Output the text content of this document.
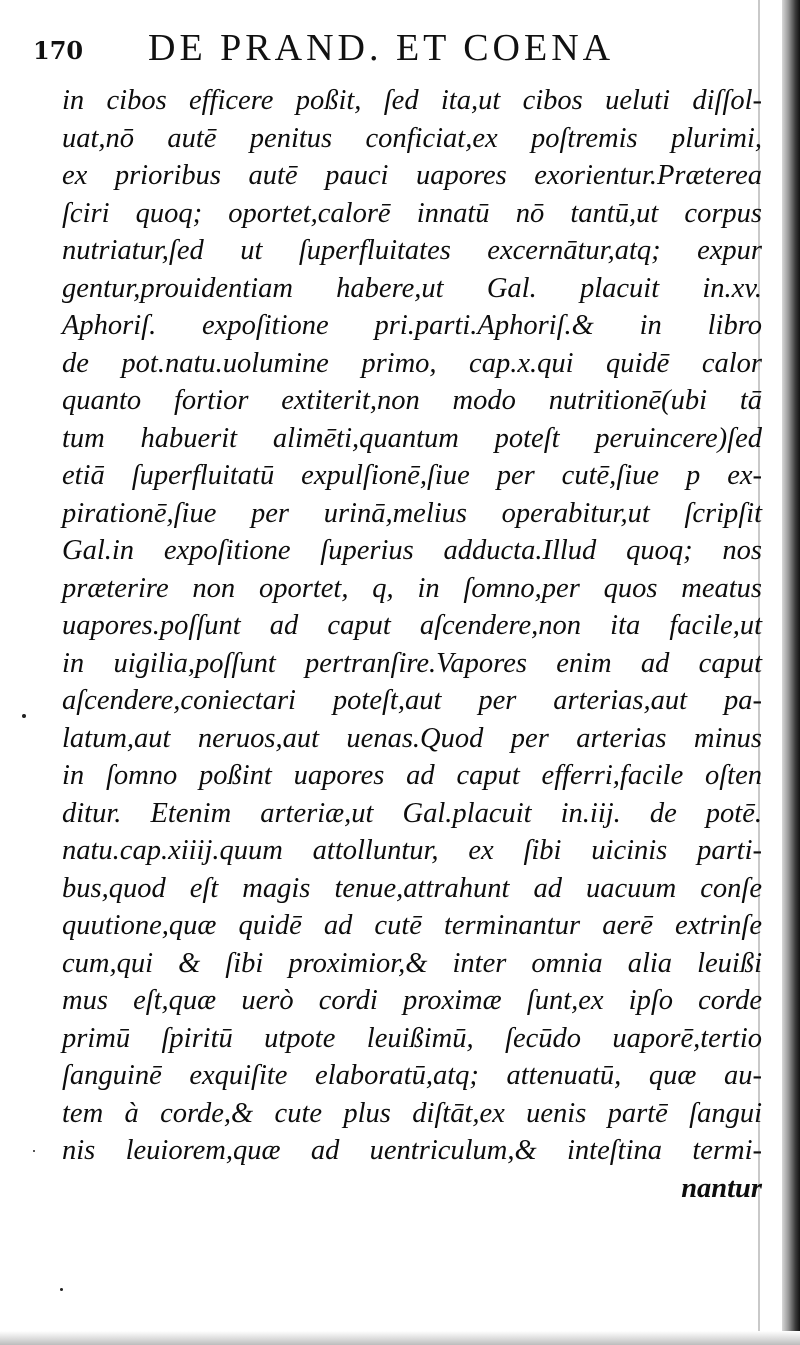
170 DE PRAND. ET COENA
in cibos efficere poßit, ſed ita,ut cibos ueluti diſſol-
uat,nō autē penitus conficiat,ex poſtremis plurimi,
ex prioribus autē pauci uapores exorientur.Præterea
ſciri quoq; oportet,calorē innatū nō tantū,ut corpus
nutriatur,ſed ut ſuperfluitates excernātur,atq; expur
gentur,prouidentiam habere,ut Gal. placuit in.xv.
Aphoriſ. expoſitione pri.parti.Aphoriſ.& in libro
de pot.natu.uolumine primo, cap.x.qui quidē calor
quanto fortior extiterit,non modo nutritionē(ubi tā
tum habuerit alimēti,quantum poteſt peruincere)ſed
etiā ſuperfluitatū expulſionē,ſiue per cutē,ſiue p ex-
pirationē,ſiue per urinā,melius operabitur,ut ſcripſit
Gal.in expoſitione ſuperius adducta.Illud quoq; nos
præterire non oportet, q, in ſomno,per quos meatus
uapores.poſſunt ad caput aſcendere,non ita facile,ut
in uigilia,poſſunt pertranſire.Vapores enim ad caput
aſcendere,coniectari poteſt,aut per arterias,aut pa-
latum,aut neruos,aut uenas.Quod per arterias minus
in ſomno poßint uapores ad caput efferri,facile oſten
ditur. Etenim arteriæ,ut Gal.placuit in.iij. de potē.
natu.cap.xiiij.quum attolluntur, ex ſibi uicinis parti-
bus,quod eſt magis tenue,attrahunt ad uacuum conſe
quutione,quæ quidē ad cutē terminantur aerē extrinſe
cum,qui & ſibi proximior,& inter omnia alia leuißi
mus eſt,quæ uerò cordi proximæ ſunt,ex ipſo corde
primū ſpiritū utpote leuißimū, ſecūdo uaporē,tertio
ſanguinē exquiſite elaboratū,atq; attenuatū, quæ au-
tem à corde,& cute plus diſtāt,ex uenis partē ſangui
nis leuiorem,quæ ad uentriculum,& inteſtina termi-
nantur
